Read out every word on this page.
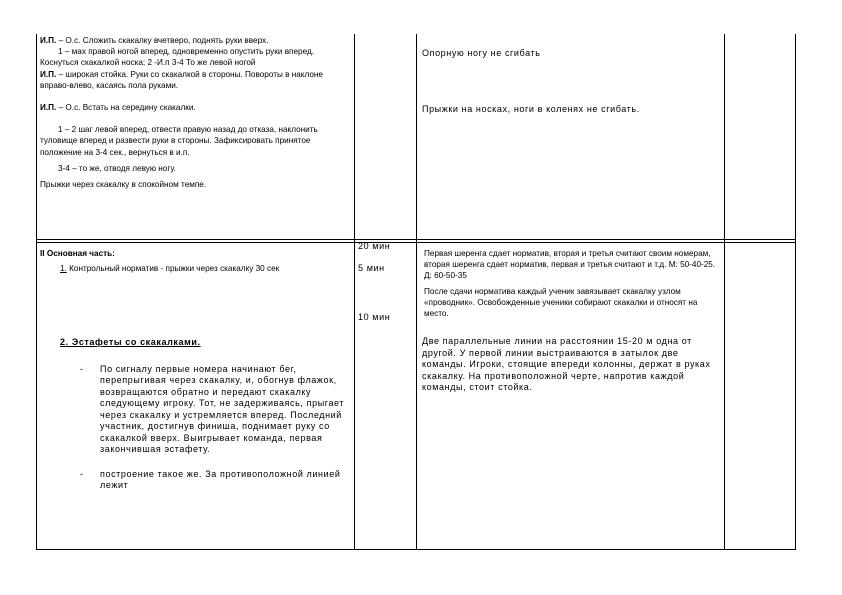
И.П. – О.с. Сложить скакалку вчетверо, поднять руки вверх.

1 – мах правой ногой вперед, одновременно опустить руки вперед. Коснуться скакалкой носка; 2 -И.п 3-4 То же левой ногой

И.П. – широкая стойка. Руки со скакалкой в стороны. Повороты в наклоне вправо-влево, касаясь пола руками.

И.П. – О.с. Встать на середину скакалки.

1 – 2 шаг левой вперед, отвести правую назад до отказа, наклонить туловище вперед и развести руки в стороны. Зафиксировать принятое положение на 3-4 сек., вернуться в и.п.

3-4 – то же, отводя левую ногу.

Прыжки через скакалку в спокойном темпе.

Опорную ногу не сгибать

Прыжки на носках, ноги в коленях не сгибать.

II Основная часть:

1. Контрольный норматив - прыжки через скакалку 30 сек

2. Эстафеты со скакалками.

- По сигналу первые номера начинают бег, перепрыгивая через скакалку, и, обогнув флажок, возвращаются обратно и передают скакалку следующему игроку. Тот, не задерживаясь, прыгает через скакалку и устремляется вперед. Последний участник, достигнув финиша, поднимает руку со скакалкой вверх. Выигрывает команда, первая закончившая эстафету.

- построение такое же. За противоположной линией лежит

20 мин

5 мин

10 мин

Первая шеренга сдает норматив, вторая и третья считают своим номерам, вторая шеренга сдает норматив, первая и третья считают и т.д. М: 50-40-25. Д: 60-50-35

После сдачи норматива каждый ученик завязывает скакалку узлом «проводник». Освобожденные ученики собирают скакалки и относят на место.

Две параллельные линии на расстоянии 15-20 м одна от другой. У первой линии выстраиваются в затылок две команды. Игроки, стоящие впереди колонны, держат в руках скакалку. На противоположной черте, напротив каждой команды, стоит стойка.
